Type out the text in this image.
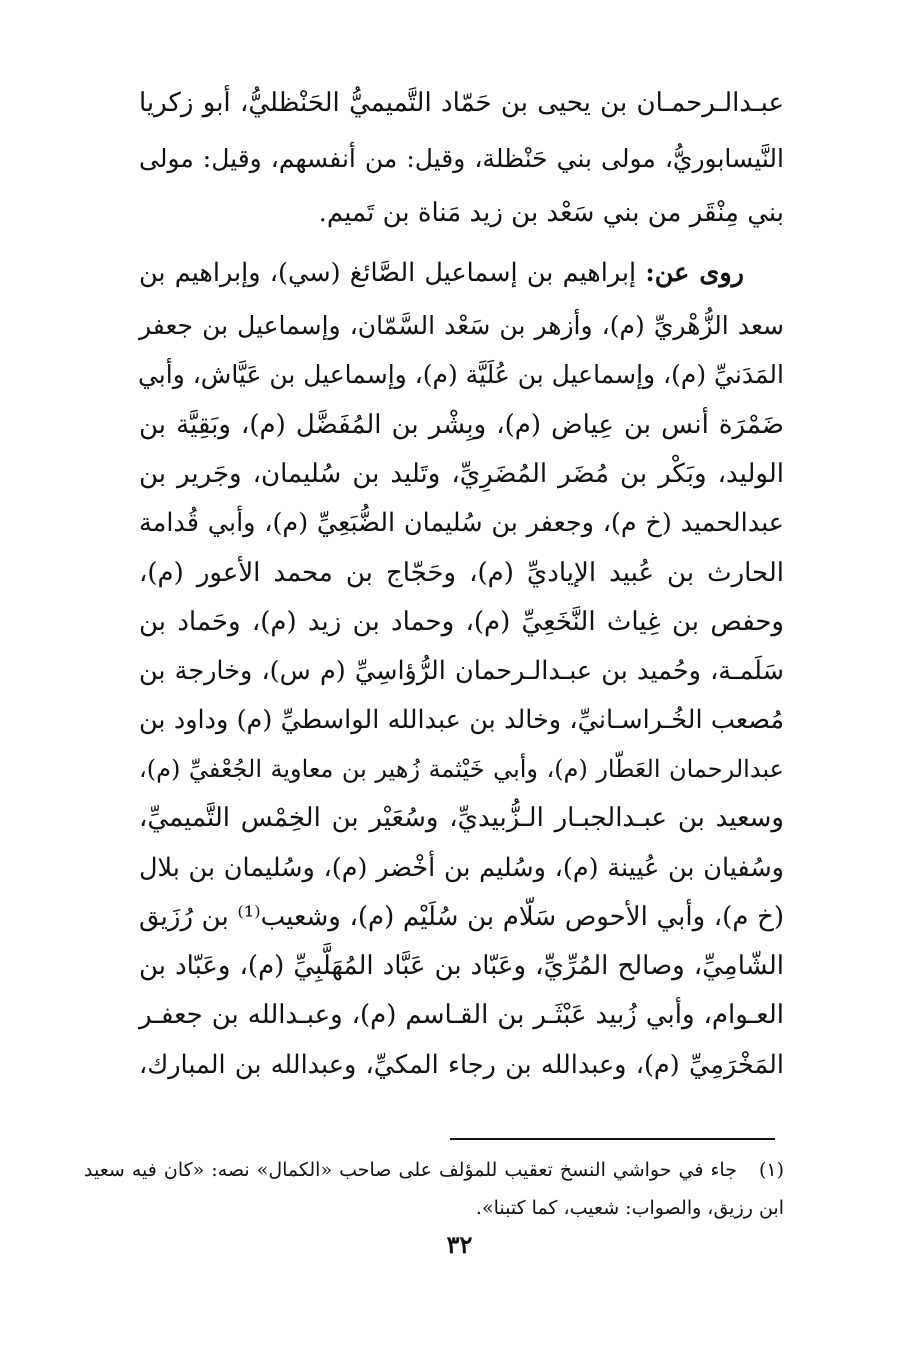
عبـدالـرحمـان بن يحيى بن حَمّاد التَّميميُّ الحَنْظليُّ، أبو زكريا
النَّيسابوريُّ، مولى بني حَنْظلة، وقيل: من أنفسهم، وقيل: مولى
بني مِنْقَر من بني سَعْد بن زيد مَناة بن تَميم.
روى عن: إبراهيم بن إسماعيل الصَّائغ (سي)، وإبراهيم بن
سعد الزُّهْريِّ (م)، وأزهر بن سَعْد السَّمّان، وإسماعيل بن جعفر
المَدَنيِّ (م)، وإسماعيل بن عُلَيَّة (م)، وإسماعيل بن عَيَّاش، وأبي
ضَمْرَة أنس بن عِياض (م)، وبِشْر بن المُفَضَّل (م)، وبَقِيَّة بن
الوليد، وبَكْر بن مُضَر المُضَرِيِّ، وتَليد بن سُليمان، وجَرير بن
عبدالحميد (خ م)، وجعفر بن سُليمان الضُّبَعِيِّ (م)، وأبي قُدامة
الحارث بن عُبيد الإياديِّ (م)، وحَجّاج بن محمد الأعور (م)،
وحفص بن غِياث النَّخَعِيِّ (م)، وحماد بن زيد (م)، وحَماد بن
سَلَمـة، وحُميد بن عبـدالـرحمان الرُّؤاسِيِّ (م س)، وخارجة بن
مُصعب الخُـراسـانيِّ، وخالد بن عبدالله الواسطيِّ (م) وداود بن
عبدالرحمان العَطّار (م)، وأبي خَيْثمة زُهير بن معاوية الجُعْفيِّ (م)،
وسعيد بن عبـدالجبـار الـزُّبيديِّ، وسُعَيْر بن الخِمْس التَّميميِّ،
وسُفيان بن عُيينة (م)، وسُليم بن أخْضر (م)، وسُليمان بن بلال
(خ م)، وأبي الأحوص سَلّام بن سُلَيْم (م)، وشعيب⁽¹⁾ بن رُزَيق
الشّامِيِّ، وصالح المُرِّيِّ، وعَبّاد بن عَبَّاد المُهَلَّبِيِّ (م)، وعَبّاد بن
العـوام، وأبي زُبيد عَبْثَـر بن القـاسم (م)، وعبـدالله بن جعفـر
المَخْرَمِيِّ (م)، وعبدالله بن رجاء المكيِّ، وعبدالله بن المبارك،
(١)جاء في حواشي النسخ تعقيب للمؤلف على صاحب «الكمال» نصه: «كان فيه سعيد
ابن رزيق، والصواب: شعيب، كما كتبنا».
٣٢
